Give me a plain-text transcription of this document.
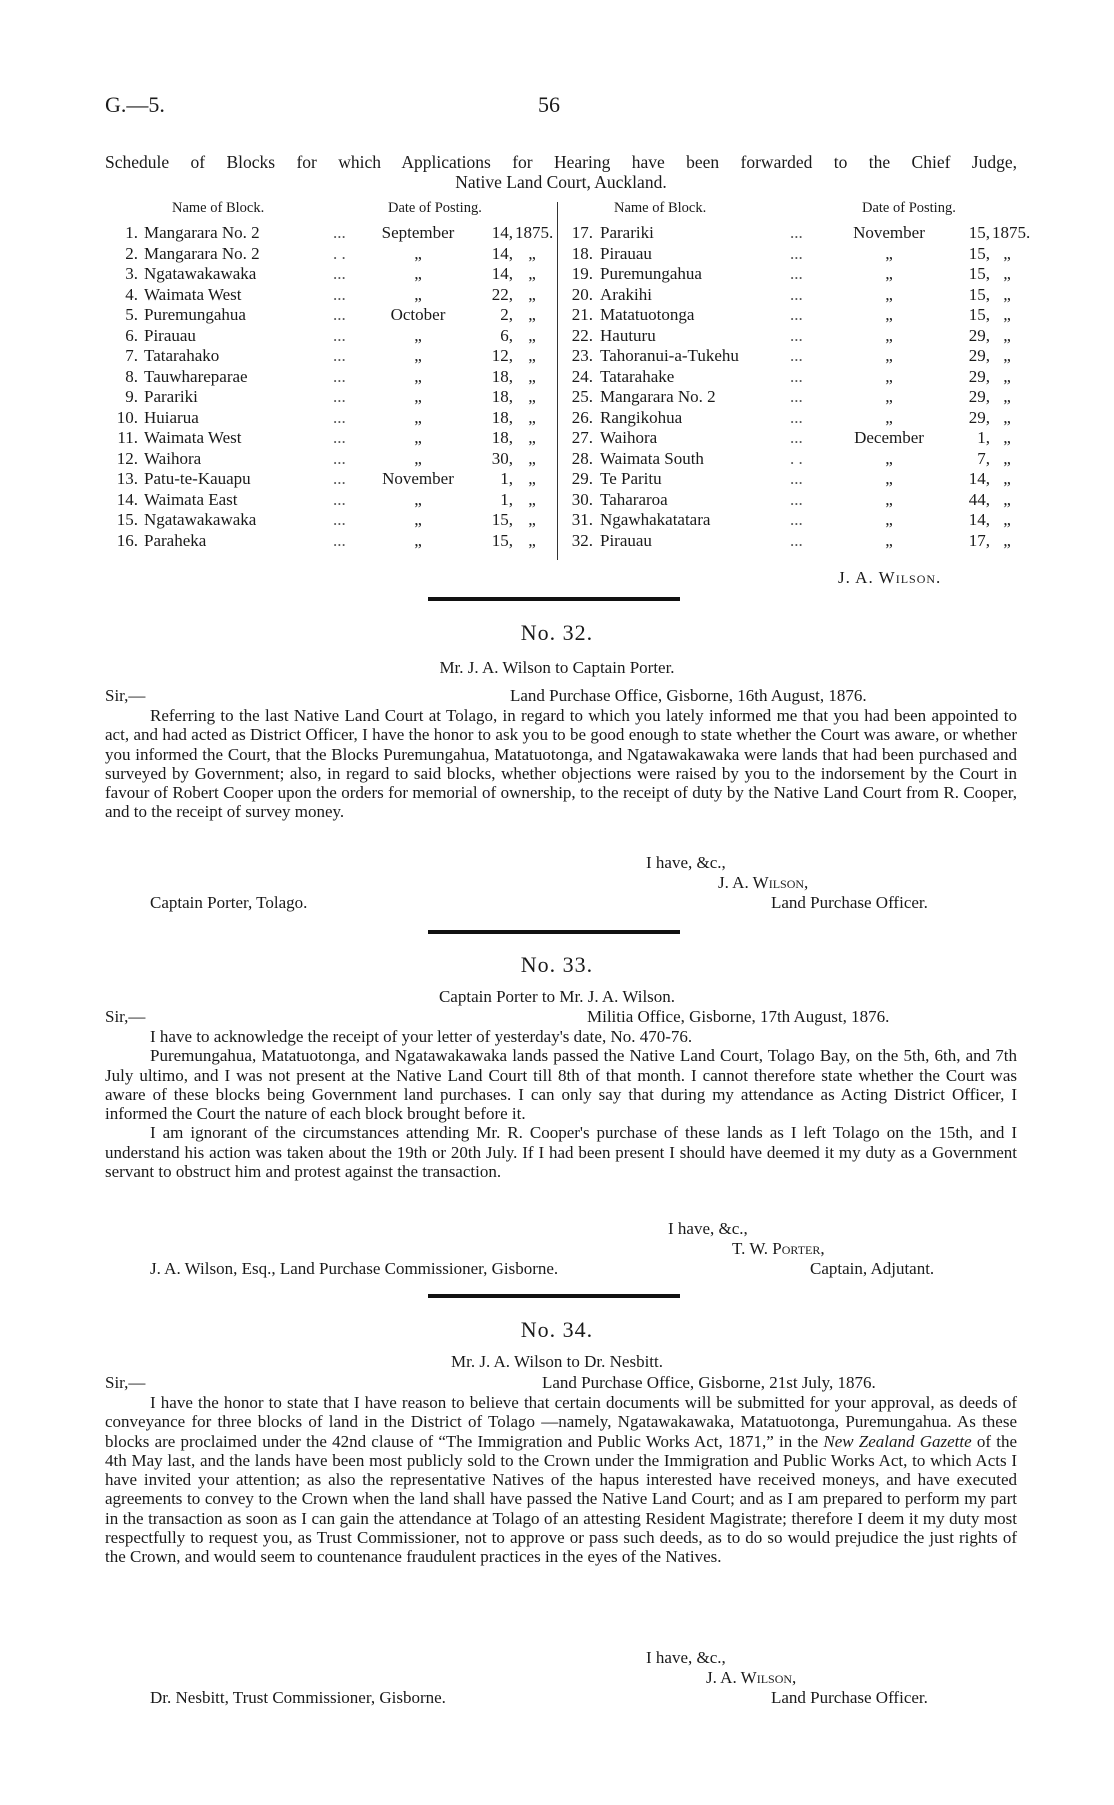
G.—5.	56
Schedule of Blocks for which Applications for Hearing have been forwarded to the Chief Judge,
Native Land Court, Auckland.
Name of Block.	Date of Posting.	Name of Block.	Date of Posting.
1. Mangarara No. 2	...	September	14, 1875.
2. Mangarara No. 2	. .	„	14, „
3. Ngatawakawaka	...	„	14, „
4. Waimata West	...	„	22, „
5. Puremungahua	...	October	2, „
6. Pirauau	...	„	6, „
7. Tatarahako	...	„	12, „
8. Tauwhareparae	...	„	18, „
9. Parariki	...	„	18, „
10. Huiarua	...	„	18, „
11. Waimata West	...	„	18, „
12. Waihora	...	„	30, „
13. Patu-te-Kauapu	...	November	1, „
14. Waimata East	...	„	1, „
15. Ngatawakawaka	...	„	15, „
16. Paraheka	...	„	15, „
17. Parariki	...	November	15, 1875.
18. Pirauau	...	„	15, „
19. Puremungahua	...	„	15, „
20. Arakihi	...	„	15, „
21. Matatuotonga	...	„	15, „
22. Hauturu	...	„	29, „
23. Tahoranui-a-Tukehu	...	„	29, „
24. Tatarahake	...	„	29, „
25. Mangarara No. 2	...	„	29, „
26. Rangikohua	...	„	29, „
27. Waihora	...	December	1, „
28. Waimata South	. .	„	7, „
29. Te Paritu	...	„	14, „
30. Tahararoa	...	„	44, „
31. Ngawhakatatara	...	„	14, „
32. Pirauau	...	„	17, „
J. A. Wilson.
No. 32.
Mr. J. A. Wilson to Captain Porter.
Sir,—	Land Purchase Office, Gisborne, 16th August, 1876.

Referring to the last Native Land Court at Tolago, in regard to which you lately informed me that you had been appointed to act, and had acted as District Officer, I have the honor to ask you to be good enough to state whether the Court was aware, or whether you informed the Court, that the Blocks Puremungahua, Matatuotonga, and Ngatawakawaka were lands that had been purchased and surveyed by Government; also, in regard to said blocks, whether objections were raised by you to the indorsement by the Court in favour of Robert Cooper upon the orders for memorial of ownership, to the receipt of duty by the Native Land Court from R. Cooper, and to the receipt of survey money.

I have, &c.,
J. A. Wilson,
Captain Porter, Tolago.	Land Purchase Officer.
No. 33.
Captain Porter to Mr. J. A. Wilson.
Sir,—	Militia Office, Gisborne, 17th August, 1876.

I have to acknowledge the receipt of your letter of yesterday's date, No. 470-76.

Puremungahua, Matatuotonga, and Ngatawakawaka lands passed the Native Land Court, Tolago Bay, on the 5th, 6th, and 7th July ultimo, and I was not present at the Native Land Court till 8th of that month. I cannot therefore state whether the Court was aware of these blocks being Government land purchases. I can only say that during my attendance as Acting District Officer, I informed the Court the nature of each block brought before it.

I am ignorant of the circumstances attending Mr. R. Cooper's purchase of these lands as I left Tolago on the 15th, and I understand his action was taken about the 19th or 20th July. If I had been present I should have deemed it my duty as a Government servant to obstruct him and protest against the transaction.

I have, &c.,
T. W. Porter,
J. A. Wilson, Esq., Land Purchase Commissioner, Gisborne.	Captain, Adjutant.
No. 34.
Mr. J. A. Wilson to Dr. Nesbitt.
Sir,—	Land Purchase Office, Gisborne, 21st July, 1876.

I have the honor to state that I have reason to believe that certain documents will be submitted for your approval, as deeds of conveyance for three blocks of land in the District of Tolago —namely, Ngatawakawaka, Matatuotonga, Puremungahua. As these blocks are proclaimed under the 42nd clause of “The Immigration and Public Works Act, 1871,” in the New Zealand Gazette of the 4th May last, and the lands have been most publicly sold to the Crown under the Immigration and Public Works Act, to which Acts I have invited your attention; as also the representative Natives of the hapus interested have received moneys, and have executed agreements to convey to the Crown when the land shall have passed the Native Land Court; and as I am prepared to perform my part in the transaction as soon as I can gain the attendance at Tolago of an attesting Resident Magistrate; therefore I deem it my duty most respectfully to request you, as Trust Commissioner, not to approve or pass such deeds, as to do so would prejudice the just rights of the Crown, and would seem to countenance fraudulent practices in the eyes of the Natives.

I have, &c.,
J. A. Wilson,
Dr. Nesbitt, Trust Commissioner, Gisborne.	Land Purchase Officer.
